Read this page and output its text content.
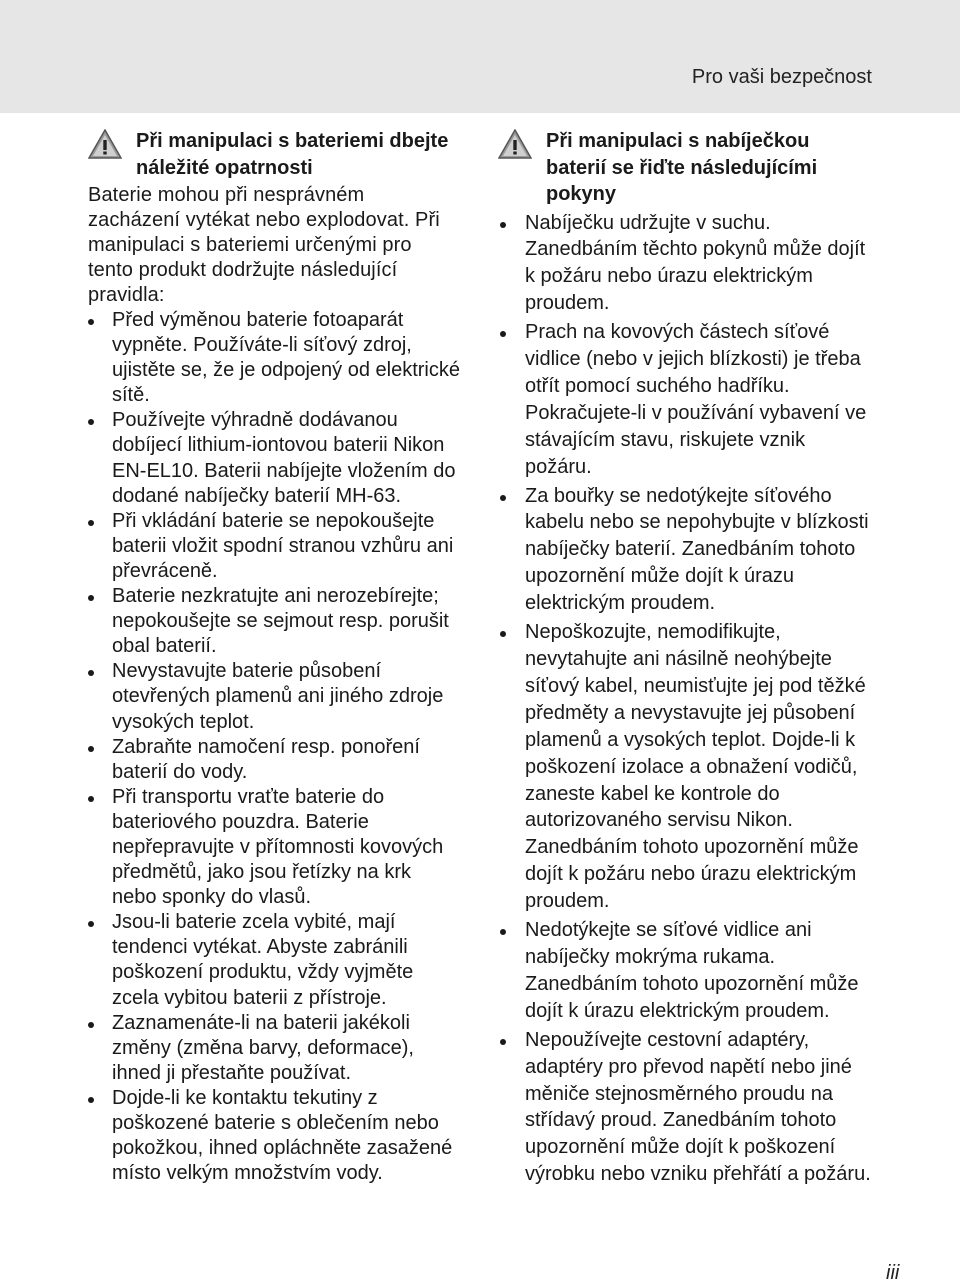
Pro vaši bezpečnost
Při manipulaci s bateriemi dbejte náležité opatrnosti

Baterie mohou při nesprávném zacházení vytékat nebo explodovat. Při manipulaci s bateriemi určenými pro tento produkt dodržujte následující pravidla:

Před výměnou baterie fotoaparát vypněte. Používáte-li síťový zdroj, ujistěte se, že je odpojený od elektrické sítě.
Používejte výhradně dodávanou dobíjecí lithium-iontovou baterii Nikon EN-EL10. Baterii nabíjejte vložením do dodané nabíječky baterií MH-63.
Při vkládání baterie se nepokoušejte baterii vložit spodní stranou vzhůru ani převráceně.
Baterie nezkratujte ani nerozebírejte; nepokoušejte se sejmout resp. porušit obal baterií.
Nevystavujte baterie působení otevřených plamenů ani jiného zdroje vysokých teplot.
Zabraňte namočení resp. ponoření baterií do vody.
Při transportu vraťte baterie do bateriového pouzdra. Baterie nepřepravujte v přítomnosti kovových předmětů, jako jsou řetízky na krk nebo sponky do vlasů.
Jsou-li baterie zcela vybité, mají tendenci vytékat. Abyste zabránili poškození produktu, vždy vyjměte zcela vybitou baterii z přístroje.
Zaznamenáte-li na baterii jakékoli změny (změna barvy, deformace), ihned ji přestaňte používat.
Dojde-li ke kontaktu tekutiny z poškozené baterie s oblečením nebo pokožkou, ihned opláchněte zasažené místo velkým množstvím vody.
Při manipulaci s nabíječkou baterií se řiďte následujícími pokyny
Nabíječku udržujte v suchu. Zanedbáním těchto pokynů může dojít k požáru nebo úrazu elektrickým proudem.
Prach na kovových částech síťové vidlice (nebo v jejich blízkosti) je třeba otřít pomocí suchého hadříku. Pokračujete-li v používání vybavení ve stávajícím stavu, riskujete vznik požáru.
Za bouřky se nedotýkejte síťového kabelu nebo se nepohybujte v blízkosti nabíječky baterií. Zanedbáním tohoto upozornění může dojít k úrazu elektrickým proudem.
Nepoškozujte, nemodifikujte, nevytahujte ani násilně neohýbejte síťový kabel, neumisťujte jej pod těžké předměty a nevystavujte jej působení plamenů a vysokých teplot. Dojde-li k poškození izolace a obnažení vodičů, zaneste kabel ke kontrole do autorizovaného servisu Nikon. Zanedbáním tohoto upozornění může dojít k požáru nebo úrazu elektrickým proudem.
Nedotýkejte se síťové vidlice ani nabíječky mokrýma rukama. Zanedbáním tohoto upozornění může dojít k úrazu elektrickým proudem.
Nepoužívejte cestovní adaptéry, adaptéry pro převod napětí nebo jiné měniče stejnosměrného proudu na střídavý proud. Zanedbáním tohoto upozornění může dojít k poškození výrobku nebo vzniku přehřátí a požáru.
iii
